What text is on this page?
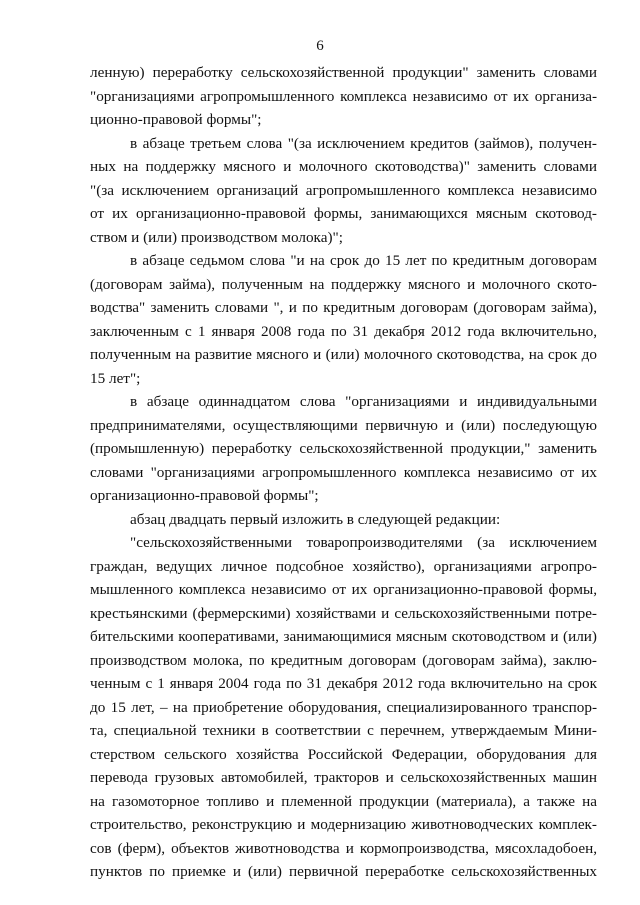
6
ленную) переработку сельскохозяйственной продукции" заменить словами
"организациями агропромышленного комплекса независимо от их организа-
ционно-правовой формы";
в абзаце третьем слова "(за исключением кредитов (займов), получен-
ных на поддержку мясного и молочного скотоводства)" заменить словами
"(за исключением организаций агропромышленного комплекса независимо
от их организационно-правовой формы, занимающихся мясным скотовод-
ством и (или) производством молока)";
в абзаце седьмом слова "и на срок до 15 лет по кредитным договорам
(договорам займа), полученным на поддержку мясного и молочного ското-
водства" заменить словами ", и по кредитным договорам (договорам займа),
заключенным с 1 января 2008 года по 31 декабря 2012 года включительно,
полученным на развитие мясного и (или) молочного скотоводства, на срок до
15 лет";
в абзаце одиннадцатом слова "организациями и индивидуальными
предпринимателями, осуществляющими первичную и (или) последующую
(промышленную) переработку сельскохозяйственной продукции," заменить
словами "организациями агропромышленного комплекса независимо от их
организационно-правовой формы";
абзац двадцать первый изложить в следующей редакции:
"сельскохозяйственными товаропроизводителями (за исключением
граждан, ведущих личное подсобное хозяйство), организациями агропро-
мышленного комплекса независимо от их организационно-правовой формы,
крестьянскими (фермерскими) хозяйствами и сельскохозяйственными потре-
бительскими кооперативами, занимающимися мясным скотоводством и (или)
производством молока, по кредитным договорам (договорам займа), заклю-
ченным с 1 января 2004 года по 31 декабря 2012 года включительно на срок
до 15 лет, – на приобретение оборудования, специализированного транспор-
та, специальной техники в соответствии с перечнем, утверждаемым Мини-
стерством сельского хозяйства Российской Федерации, оборудования для
перевода грузовых автомобилей, тракторов и сельскохозяйственных машин
на газомоторное топливо и племенной продукции (материала), а также на
строительство, реконструкцию и модернизацию животноводческих комплек-
сов (ферм), объектов животноводства и кормопроизводства, мясохладобоен,
пунктов по приемке и (или) первичной переработке сельскохозяйственных
